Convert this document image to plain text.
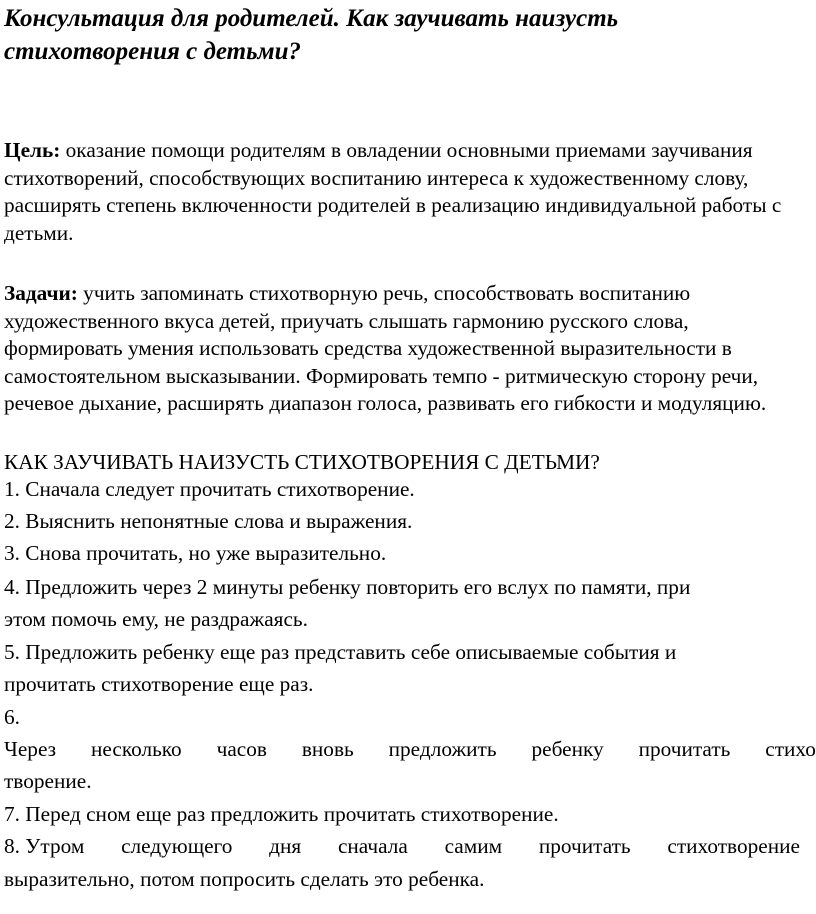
Консультация для родителей. Как заучивать наизусть
стихотворения с детьми?

Цель: оказание помощи родителям в овладении основными приемами заучивания стихотворений, способствующих воспитанию интереса к художественному слову, расширять степень включенности родителей в реализацию индивидуальной работы с детьми.

Задачи: учить запоминать стихотворную речь, способствовать воспитанию художественного вкуса детей, приучать слышать гармонию русского слова, формировать умения использовать средства художественной выразительности в самостоятельном высказывании. Формировать темпо - ритмическую сторону речи, речевое дыхание, расширять диапазон голоса, развивать его гибкости и модуляцию.

КАК ЗАУЧИВАТЬ НАИЗУСТЬ СТИХОТВОРЕНИЯ С ДЕТЬМИ?

1. Сначала следует прочитать стихотворение.

2. Выяснить непонятные слова и выражения.

3. Снова прочитать, но уже выразительно.

4. Предложить через 2 минуты ребенку повторить его вслух по памяти, при

этом помочь ему, не раздражаясь.

5. Предложить ребенку еще раз представить себе описываемые события и

прочитать стихотворение еще раз.

6.

Через несколько часов вновь предложить ребенку прочитать стихо

творение.

7. Перед сном еще раз предложить прочитать стихотворение.

8. Утром следующего дня сначала самим прочитать стихотворение

выразительно, потом попросить сделать это ребенка.
